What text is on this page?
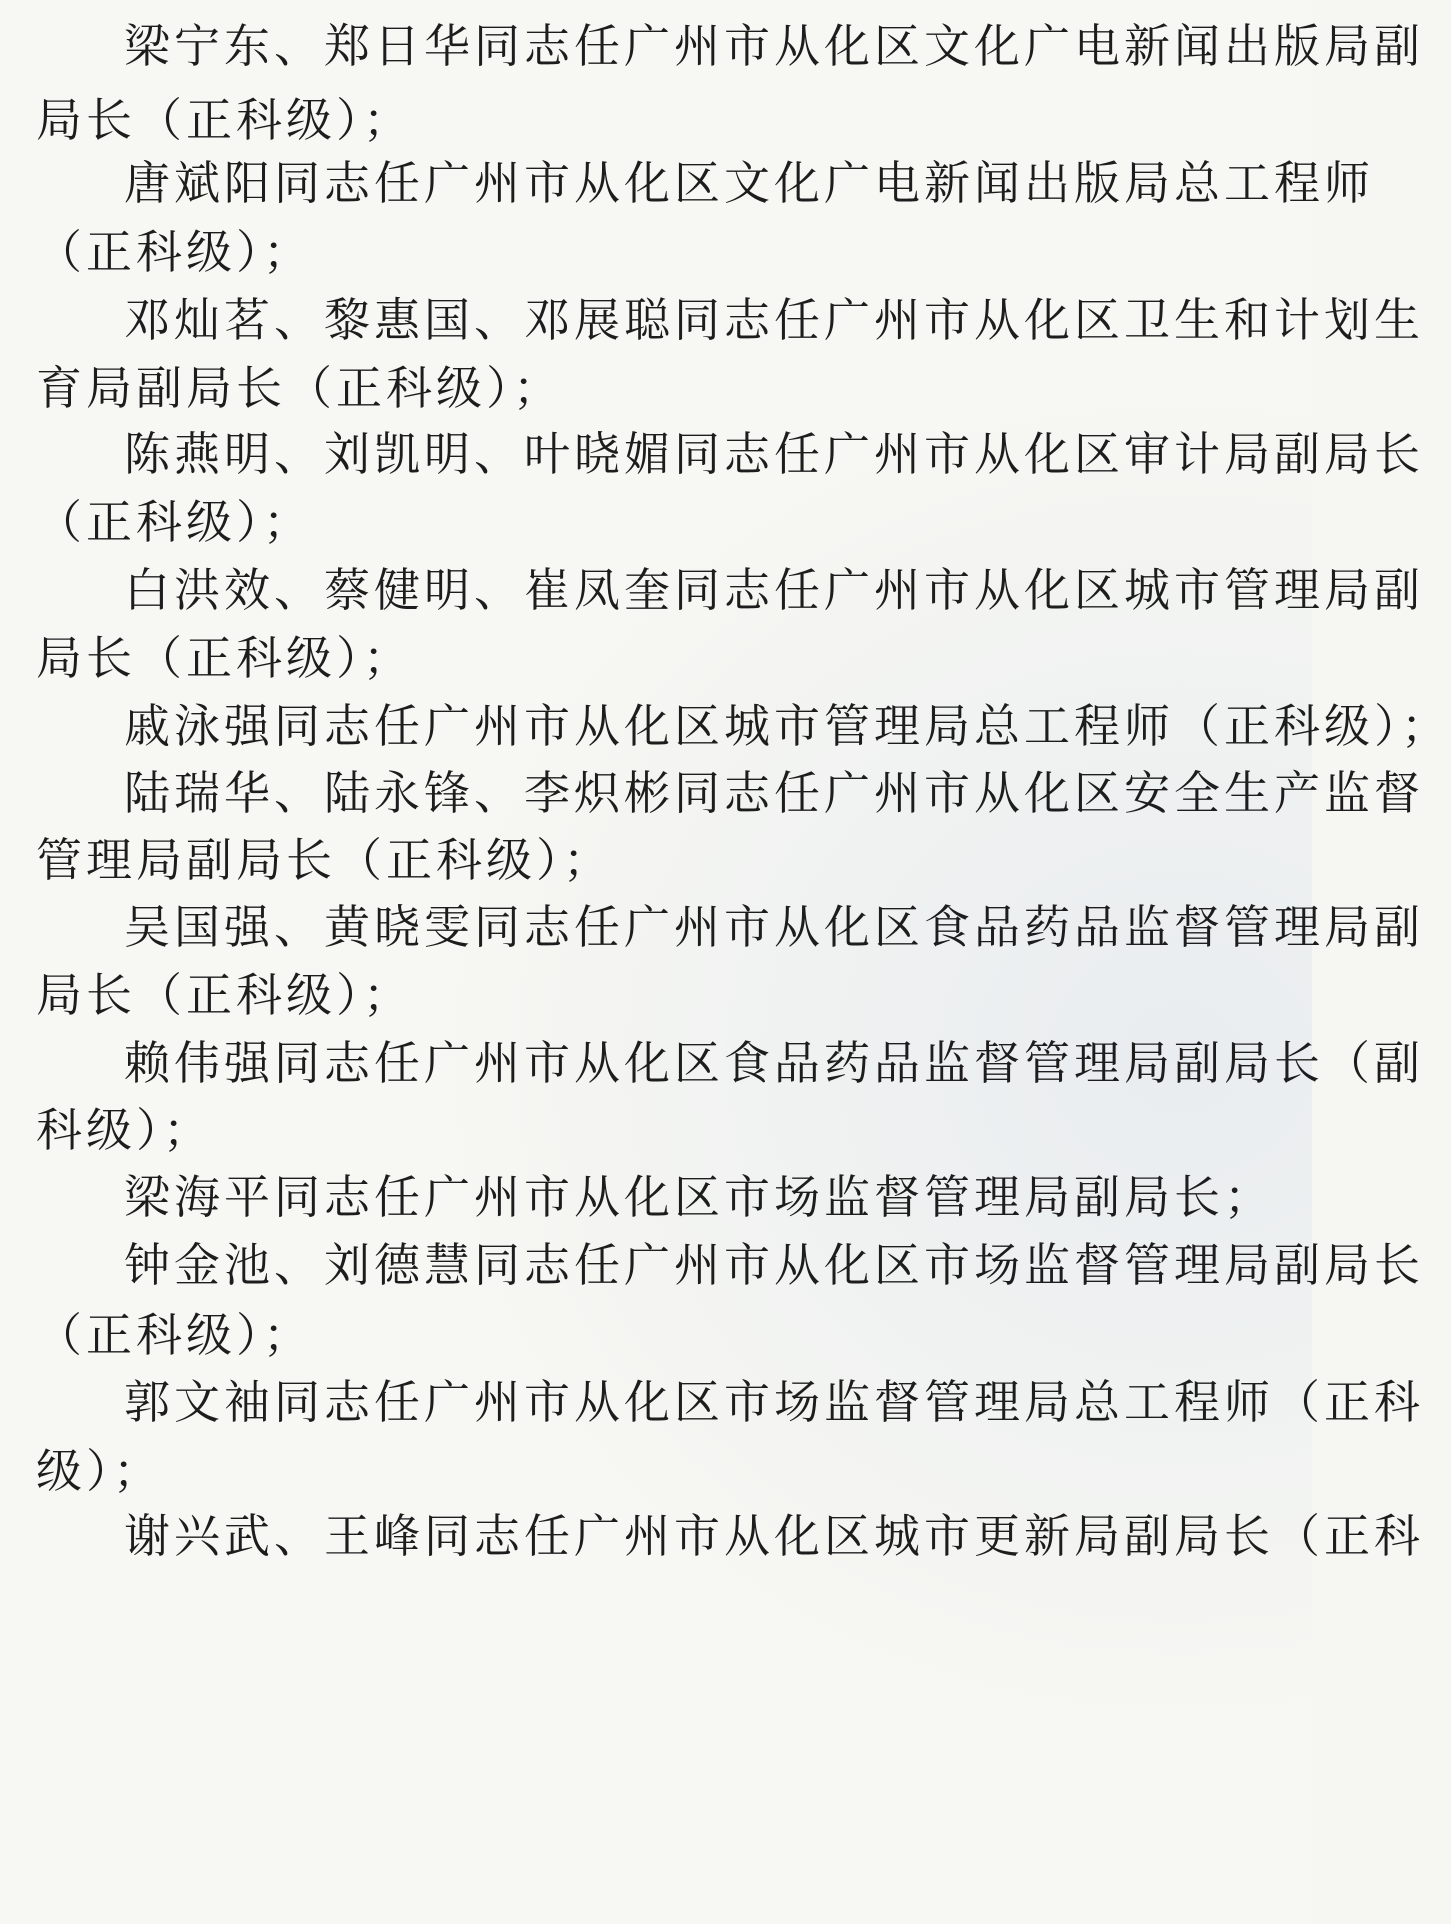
梁宁东、郑日华同志任广州市从化区文化广电新闻出版局副
局长（正科级）；
唐斌阳同志任广州市从化区文化广电新闻出版局总工程师
（正科级）；
邓灿茗、黎惠国、邓展聪同志任广州市从化区卫生和计划生
育局副局长（正科级）；
陈燕明、刘凯明、叶晓媚同志任广州市从化区审计局副局长
（正科级）；
白洪效、蔡健明、崔凤奎同志任广州市从化区城市管理局副
局长（正科级）；
戚泳强同志任广州市从化区城市管理局总工程师（正科级）；
陆瑞华、陆永锋、李炽彬同志任广州市从化区安全生产监督
管理局副局长（正科级）；
吴国强、黄晓雯同志任广州市从化区食品药品监督管理局副
局长（正科级）；
赖伟强同志任广州市从化区食品药品监督管理局副局长（副
科级）；
梁海平同志任广州市从化区市场监督管理局副局长；
钟金池、刘德慧同志任广州市从化区市场监督管理局副局长
（正科级）；
郭文袖同志任广州市从化区市场监督管理局总工程师（正科
级）；
谢兴武、王峰同志任广州市从化区城市更新局副局长（正科
